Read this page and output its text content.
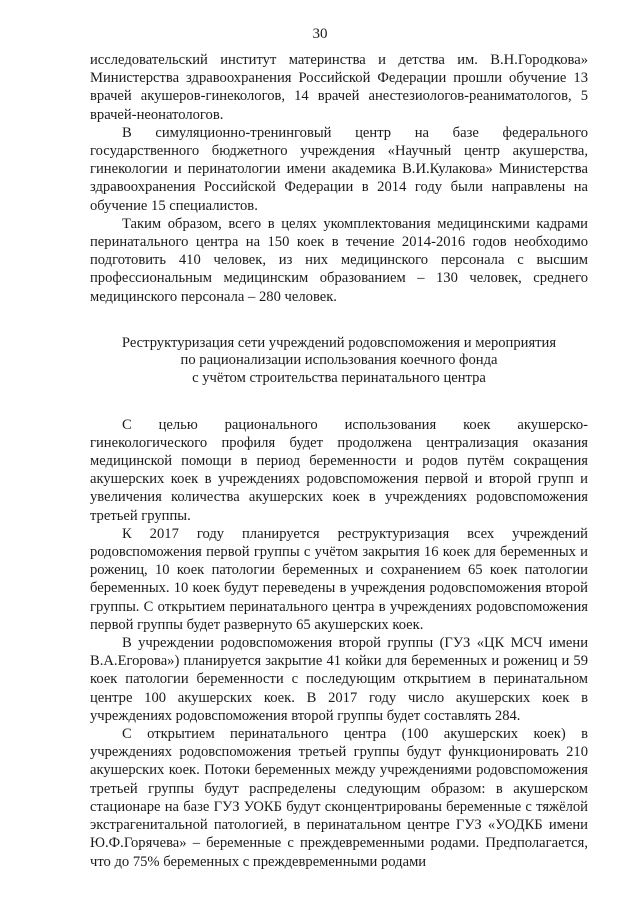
30

исследовательский институт материнства и детства им. В.Н.Городкова» Министерства здравоохранения Российской Федерации прошли обучение 13 врачей акушеров-гинекологов, 14 врачей анестезиологов-реаниматологов, 5 врачей-неонатологов.

В симуляционно-тренинговый центр на базе федерального государственного бюджетного учреждения «Научный центр акушерства, гинекологии и перинатологии имени академика В.И.Кулакова» Министерства здравоохранения Российской Федерации в 2014 году были направлены на обучение 15 специалистов.

Таким образом, всего в целях укомплектования медицинскими кадрами перинатального центра на 150 коек в течение 2014-2016 годов необходимо подготовить 410 человек, из них медицинского персонала с высшим профессиональным медицинским образованием – 130 человек, среднего медицинского персонала – 280 человек.

Реструктуризация сети учреждений родовспоможения и мероприятия

по рационализации использования коечного фонда

с учётом строительства перинатального центра

С целью рационального использования коек акушерско-гинекологического профиля будет продолжена централизация оказания медицинской помощи в период беременности и родов путём сокращения акушерских коек в учреждениях родовспоможения первой и второй групп и увеличения количества акушерских коек в учреждениях родовспоможения третьей группы.

К 2017 году планируется реструктуризация всех учреждений родовспоможения первой группы с учётом закрытия 16 коек для беременных и рожениц, 10 коек патологии беременных и сохранением 65 коек патологии беременных. 10 коек будут переведены в учреждения родовспоможения второй группы. С открытием перинатального центра в учреждениях родовспоможения первой группы будет развернуто 65 акушерских коек.

В учреждении родовспоможения второй группы (ГУЗ «ЦК МСЧ имени В.А.Егорова») планируется закрытие 41 койки для беременных и рожениц и 59 коек патологии беременности с последующим открытием в перинатальном центре 100 акушерских коек. В 2017 году число акушерских коек в учреждениях родовспоможения второй группы будет составлять 284.

С открытием перинатального центра (100 акушерских коек) в учреждениях родовспоможения третьей группы будут функционировать 210 акушерских коек. Потоки беременных между учреждениями родовспоможения третьей группы будут распределены следующим образом: в акушерском стационаре на базе ГУЗ УОКБ будут сконцентрированы беременные с тяжёлой экстрагенитальной патологией, в перинатальном центре ГУЗ «УОДКБ имени Ю.Ф.Горячева» – беременные с преждевременными родами. Предполагается, что до 75% беременных с преждевременными родами
